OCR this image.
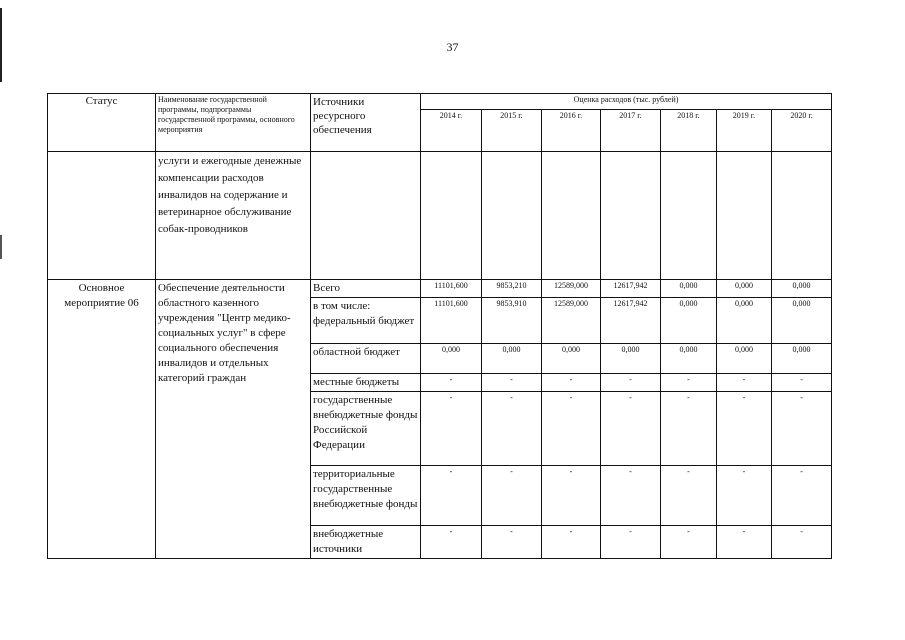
37
Статус	Наименование государственной программы, подпрограммы государственной программы, основного мероприятия	Источники ресурсного обеспечения	Оценка расходов (тыс. рублей)						
			2014 г.	2015 г.	2016 г.	2017 г.	2018 г.	2019 г.	2020 г.
	услуги и ежегодные денежные компенсации расходов инвалидов на содержание и ветеринарное обслуживание собак-проводников								
Основное мероприятие 06	Обеспечение деятельности областного казенного учреждения "Центр медико-социальных услуг" в сфере социального обеспечения инвалидов и отдельных категорий граждан	Всего	11101,600	9853,210	12589,000	12617,942	0,000	0,000	0,000
		в том числе: федеральный бюджет	11101,600	9853,910	12589,000	12617,942	0,000	0,000	0,000
		областной бюджет	0,000	0,000	0,000	0,000	0,000	0,000	0,000
		местные бюджеты	-	-	-	-	-	-	-
		государственные внебюджетные фонды Российской Федерации	-	-	-	-	-	-	-
		территориальные государственные внебюджетные фонды	-	-	-	-	-	-	-
		внебюджетные источники	-	-	-	-	-	-	-
